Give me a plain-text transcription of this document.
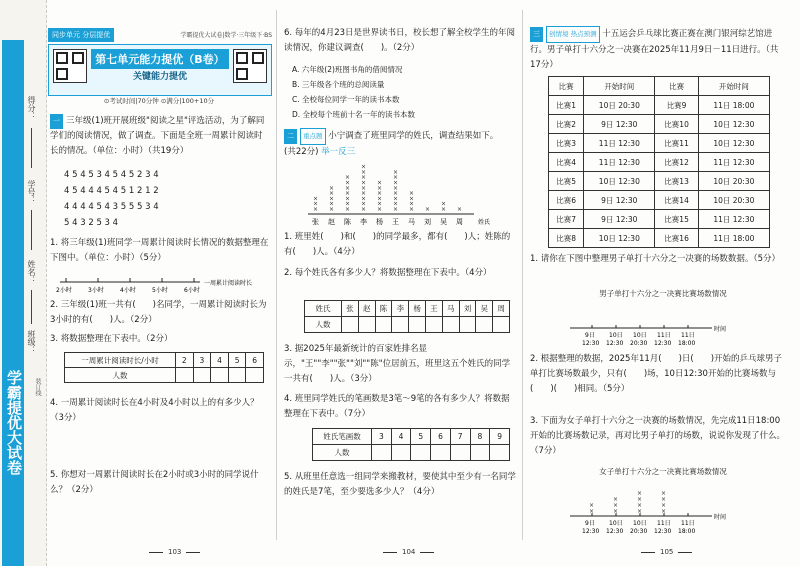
学霸提优大试卷
得分：
学号：
姓名：
班级：
装订线
同步单元 分层提优	学霸提优大试卷|数学·三年级下·BS
第七单元能力提优（B卷）
关键能力提优
⊙考试时间|70分钟 ⊙满分|100+10分
一 三年级(1)班开展班级"阅读之星"评选活动，为了解同学们的阅读情况，做了调查。下面是全班一周累计阅读时长的情况。（单位：小时）（共19分）
4 5 4 5 3 4 5 4 5 2 3 4
4 5 4 4 4 5 4 5 1 2 1 2
4 4 4 4 5 4 3 5 5 5 3 4
5 4 3 2 5 3 4
1. 将三年级(1)班同学一周累计阅读时长情况的数据整理在下图中。（单位：小时）（5分）
2小时	3小时	4小时	5小时	6小时
一周累计阅读时长
2. 三年级(1)班一共有(　　)名同学，一周累计阅读时长为3小时的有(　　)人。（2分）
3. 将数据整理在下表中。（2分）
一周累计阅读时长/小时	2	3	4	5	6
人数					
4. 一周累计阅读时长在4小时及4小时以上的有多少人？（3分）
5. 你想对一周累计阅读时长在2小时或3小时的同学说什么？（2分）
103
6. 每年的4月23日是世界读书日，校长想了解全校学生的年阅读情况，你建议调查(　　)。（2分）
A. 六年级(2)班图书角的借阅情况
B. 三年级各个班的总阅读量
C. 全校每位同学一年的读书本数
D. 全校每个班前十名一年的读书本数
二 重点题 小宁调查了班里同学的姓氏，调查结果如下。
(共22分) 举一反三
×
×
×
张
×
×
×
×
×
赵
×
×
×
×
×
×
×
陈
×
×
×
×
×
×
×
×
×
李
×
×
×
×
×
×
杨
×
×
×
×
×
×
×
×
王
×
×
×
×
马
×
刘
×
×
吴
×
周	姓氏
1. 班里姓(　　)和(　　)的同学最多，都有(　　)人；姓陈的有(　　)人。（4分）
2. 每个姓氏各有多少人？将数据整理在下表中。（4分）
姓氏	张	赵	陈	李	杨	王	马	刘	吴	周
人数										
3. 据2025年最新统计的百家姓排名显示，"王""李""张""刘""陈"位居前五，班里这五个姓氏的同学一共有(　　)人。（3分）
4. 班里同学姓氏的笔画数是3笔～9笔的各有多少人？将数据整理在下表中。（7分）
姓氏笔画数	3	4	5	6	7	8	9
人数							
5. 从班里任意选一组同学来搬教材，要使其中至少有一名同学的姓氏是7笔，至少要选多少人？（4分）
104
三 创情境 热点预测 十五运会乒乓球比赛正赛在澳门银河综艺馆进行。男子单打十六分之一决赛在2025年11月9日－11日进行。（共17分）
比赛	开始时间	比赛	开始时间
比赛1	10日 20:30	比赛9	11日 18:00
比赛2	9日 12:30	比赛10	10日 12:30
比赛3	11日 12:30	比赛11	10日 12:30
比赛4	11日 12:30	比赛12	11日 12:30
比赛5	10日 12:30	比赛13	10日 20:30
比赛6	9日 12:30	比赛14	10日 20:30
比赛7	9日 12:30	比赛15	11日 12:30
比赛8	10日 12:30	比赛16	11日 18:00
1. 请你在下图中整理男子单打十六分之一决赛的场数数据。（5分）
男子单打十六分之一决赛比赛场数情况
9日
12:30
10日
12:30
10日
20:30
11日
12:30
11日
18:00
时间
2. 根据整理的数据，2025年11月(　　)日(　　)开始的乒乓球男子单打比赛场数最少，只有(　　)场，10日12:30开始的比赛场数与(　　)(　　)相同。（5分）
3. 下面为女子单打十六分之一决赛的场数情况，先完成11日18:00开始的比赛场数记录，再对比男子单打的场数，说说你发现了什么。（7分）
女子单打十六分之一决赛比赛场数情况
9日
12:30
×
×
10日
12:30
×
×
×
10日
20:30
×
×
×
×
11日
12:30
×
×
×
×
11日
18:00
时间
105
